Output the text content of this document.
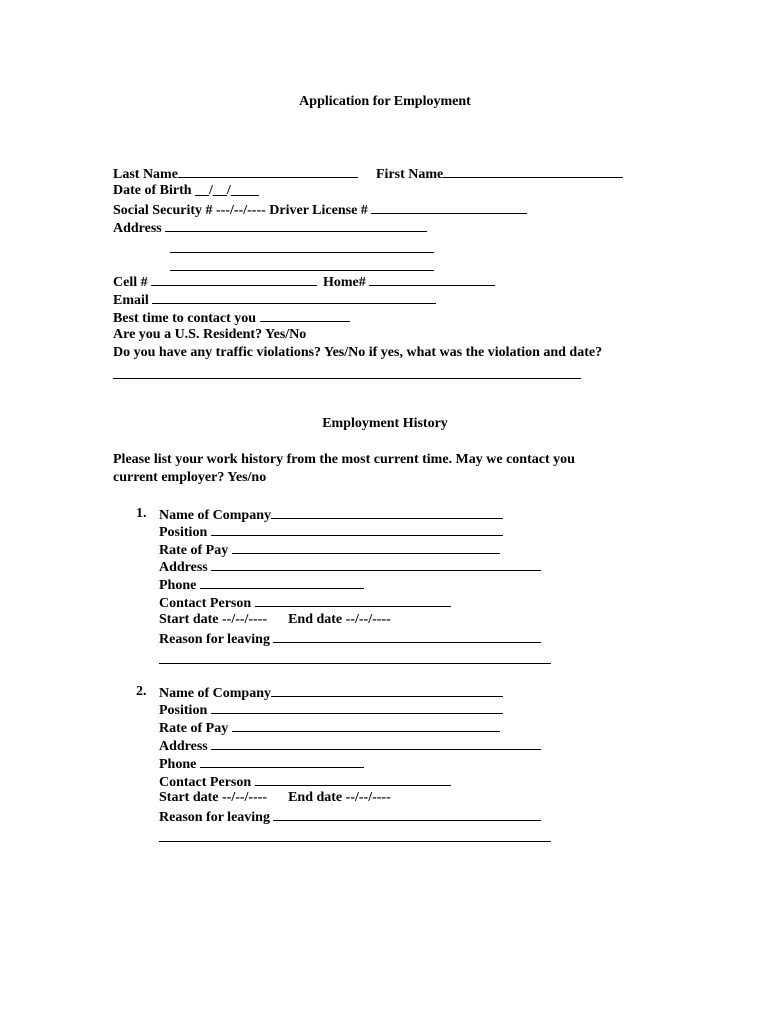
Application for Employment
Last Name	First Name
Date of Birth __/__/____
Social Security # ---/--/---- Driver License #
Address
Cell #	Home#
Email
Best time to contact you
Are you a U.S. Resident? Yes/No
Do you have any traffic violations? Yes/No if yes, what was the violation and date?
Employment History
Please list your work history from the most current time. May we contact you
current employer? Yes/no
1. Name of Company
Position
Rate of Pay
Address
Phone
Contact Person
Start date --/--/---- End date --/--/----
Reason for leaving
2. Name of Company
Position
Rate of Pay
Address
Phone
Contact Person
Start date --/--/---- End date --/--/----
Reason for leaving
